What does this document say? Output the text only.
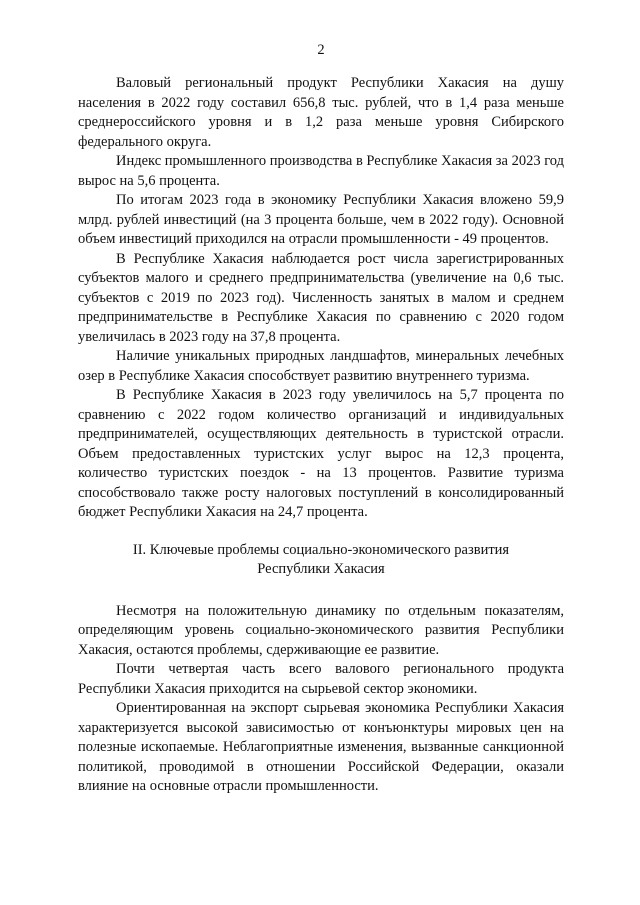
2

Валовый региональный продукт Республики Хакасия на душу населения в 2022 году составил 656,8 тыс. рублей, что в 1,4 раза меньше среднероссийского уровня и в 1,2 раза меньше уровня Сибирского федерального округа.

Индекс промышленного производства в Республике Хакасия за 2023 год вырос на 5,6 процента.

По итогам 2023 года в экономику Республики Хакасия вложено 59,9 млрд. рублей инвестиций (на 3 процента больше, чем в 2022 году). Основной объем инвестиций приходился на отрасли промышленности - 49 процентов.

В Республике Хакасия наблюдается рост числа зарегистрированных субъектов малого и среднего предпринимательства (увеличение на 0,6 тыс. субъектов с 2019 по 2023 год). Численность занятых в малом и среднем предпринимательстве в Республике Хакасия по сравнению с 2020 годом увеличилась в 2023 году на 37,8 процента.

Наличие уникальных природных ландшафтов, минеральных лечебных озер в Республике Хакасия способствует развитию внутреннего туризма.

В Республике Хакасия в 2023 году увеличилось на 5,7 процента по сравнению с 2022 годом количество организаций и индивидуальных предпринимателей, осуществляющих деятельность в туристской отрасли. Объем предоставленных туристских услуг вырос на 12,3 процента, количество туристских поездок - на 13 процентов. Развитие туризма способствовало также росту налоговых поступлений в консолидированный бюджет Республики Хакасия на 24,7 процента.

II. Ключевые проблемы социально-экономического развития
Республики Хакасия

Несмотря на положительную динамику по отдельным показателям, определяющим уровень социально-экономического развития Республики Хакасия, остаются проблемы, сдерживающие ее развитие.

Почти четвертая часть всего валового регионального продукта Республики Хакасия приходится на сырьевой сектор экономики.

Ориентированная на экспорт сырьевая экономика Республики Хакасия характеризуется высокой зависимостью от конъюнктуры мировых цен на полезные ископаемые. Неблагоприятные изменения, вызванные санкционной политикой, проводимой в отношении Российской Федерации, оказали влияние на основные отрасли промышленности.
